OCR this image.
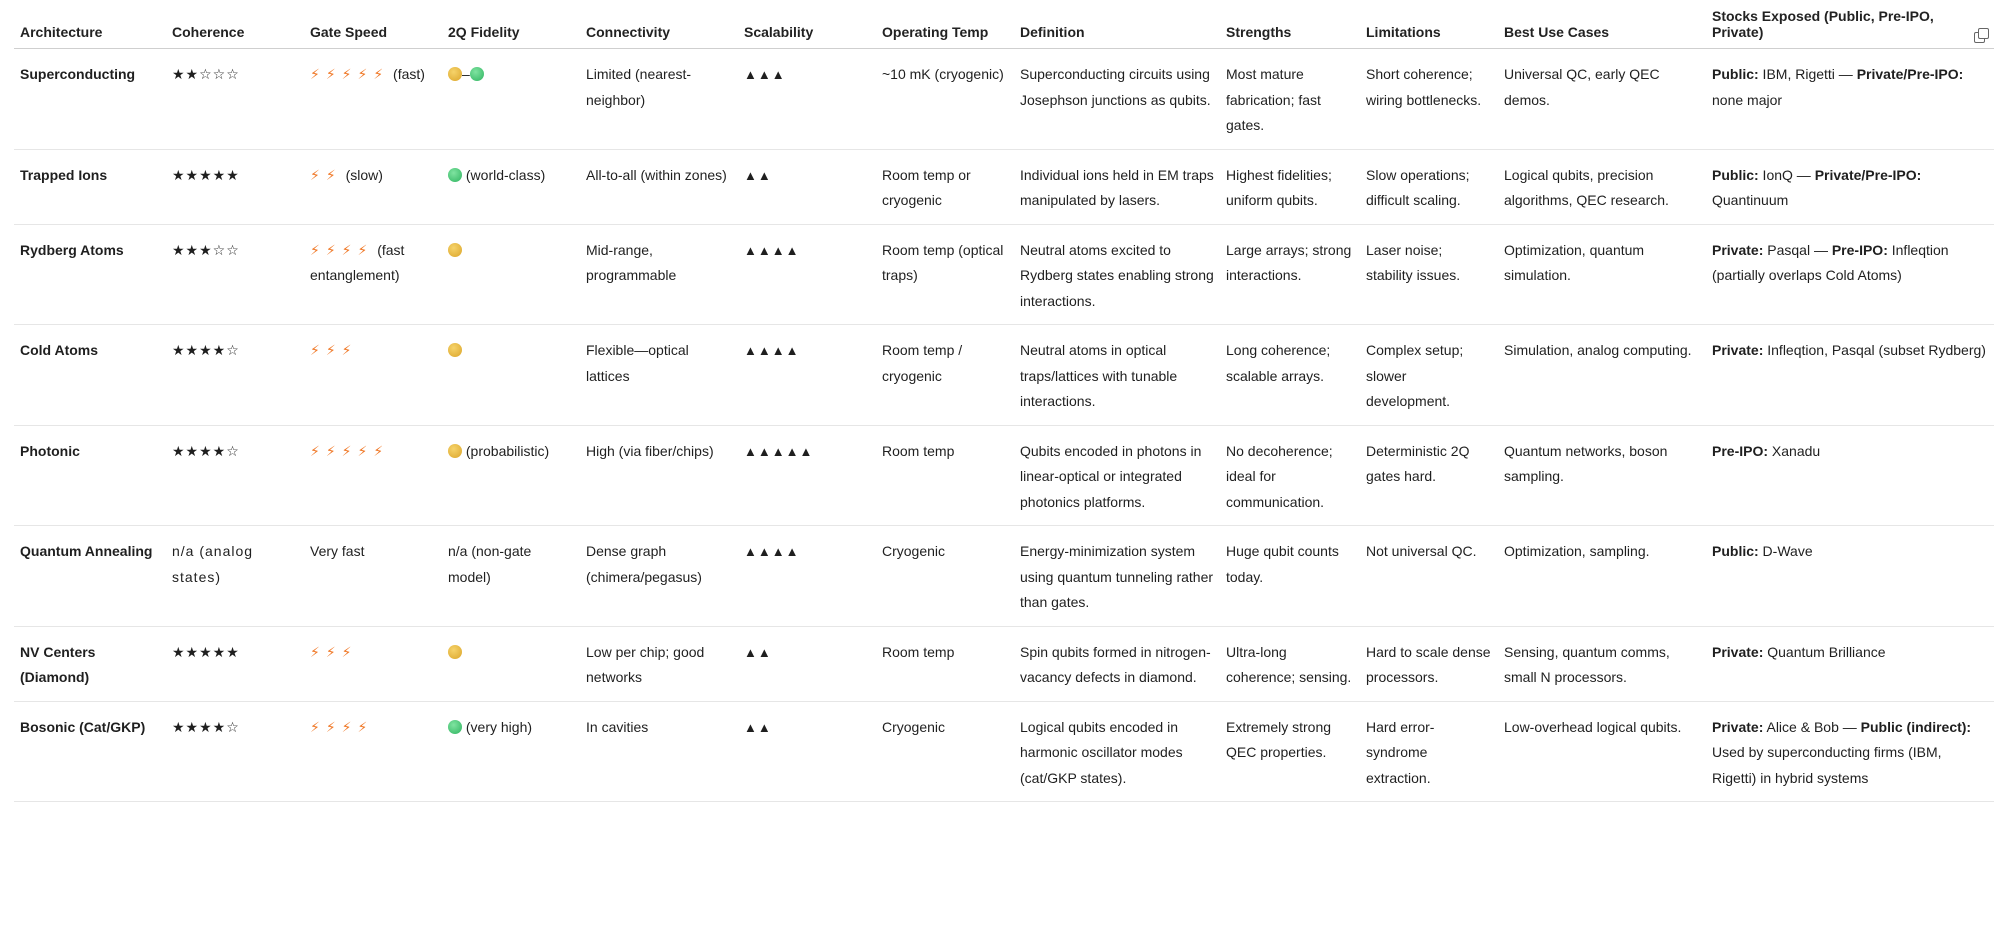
Architecture	Coherence	Gate Speed	2Q Fidelity	Connectivity	Scalability	Operating Temp	Definition	Strengths	Limitations	Best Use Cases	Stocks Exposed (Public, Pre-IPO, Private)
Superconducting	★★☆☆☆	⚡⚡⚡⚡⚡ (fast)	–	Limited (nearest-neighbor)	▲▲▲	~10 mK (cryogenic)	Superconducting circuits using Josephson junctions as qubits.	Most mature fabrication; fast gates.	Short coherence; wiring bottlenecks.	Universal QC, early QEC demos.	Public: IBM, Rigetti — Private/Pre-IPO: none major
Trapped Ions	★★★★★	⚡⚡ (slow)	(world-class)	All-to-all (within zones)	▲▲	Room temp or cryogenic	Individual ions held in EM traps manipulated by lasers.	Highest fidelities; uniform qubits.	Slow operations; difficult scaling.	Logical qubits, precision algorithms, QEC research.	Public: IonQ — Private/Pre-IPO: Quantinuum
Rydberg Atoms	★★★☆☆	⚡⚡⚡⚡ (fast entanglement)		Mid-range, programmable	▲▲▲▲	Room temp (optical traps)	Neutral atoms excited to Rydberg states enabling strong interactions.	Large arrays; strong interactions.	Laser noise; stability issues.	Optimization, quantum simulation.	Private: Pasqal — Pre-IPO: Infleqtion (partially overlaps Cold Atoms)
Cold Atoms	★★★★☆	⚡⚡⚡		Flexible—optical lattices	▲▲▲▲	Room temp / cryogenic	Neutral atoms in optical traps/lattices with tunable interactions.	Long coherence; scalable arrays.	Complex setup; slower development.	Simulation, analog computing.	Private: Infleqtion, Pasqal (subset Rydberg)
Photonic	★★★★☆	⚡⚡⚡⚡⚡	(probabilistic)	High (via fiber/chips)	▲▲▲▲▲	Room temp	Qubits encoded in photons in linear-optical or integrated photonics platforms.	No decoherence; ideal for communication.	Deterministic 2Q gates hard.	Quantum networks, boson sampling.	Pre-IPO: Xanadu
Quantum Annealing	n/a (analog states)	Very fast	n/a (non-gate model)	Dense graph (chimera/pegasus)	▲▲▲▲	Cryogenic	Energy-minimization system using quantum tunneling rather than gates.	Huge qubit counts today.	Not universal QC.	Optimization, sampling.	Public: D-Wave
NV Centers (Diamond)	★★★★★	⚡⚡⚡		Low per chip; good networks	▲▲	Room temp	Spin qubits formed in nitrogen-vacancy defects in diamond.	Ultra-long coherence; sensing.	Hard to scale dense processors.	Sensing, quantum comms, small N processors.	Private: Quantum Brilliance
Bosonic (Cat/GKP)	★★★★☆	⚡⚡⚡⚡	(very high)	In cavities	▲▲	Cryogenic	Logical qubits encoded in harmonic oscillator modes (cat/GKP states).	Extremely strong QEC properties.	Hard error-syndrome extraction.	Low-overhead logical qubits.	Private: Alice & Bob — Public (indirect): Used by superconducting firms (IBM, Rigetti) in hybrid systems
